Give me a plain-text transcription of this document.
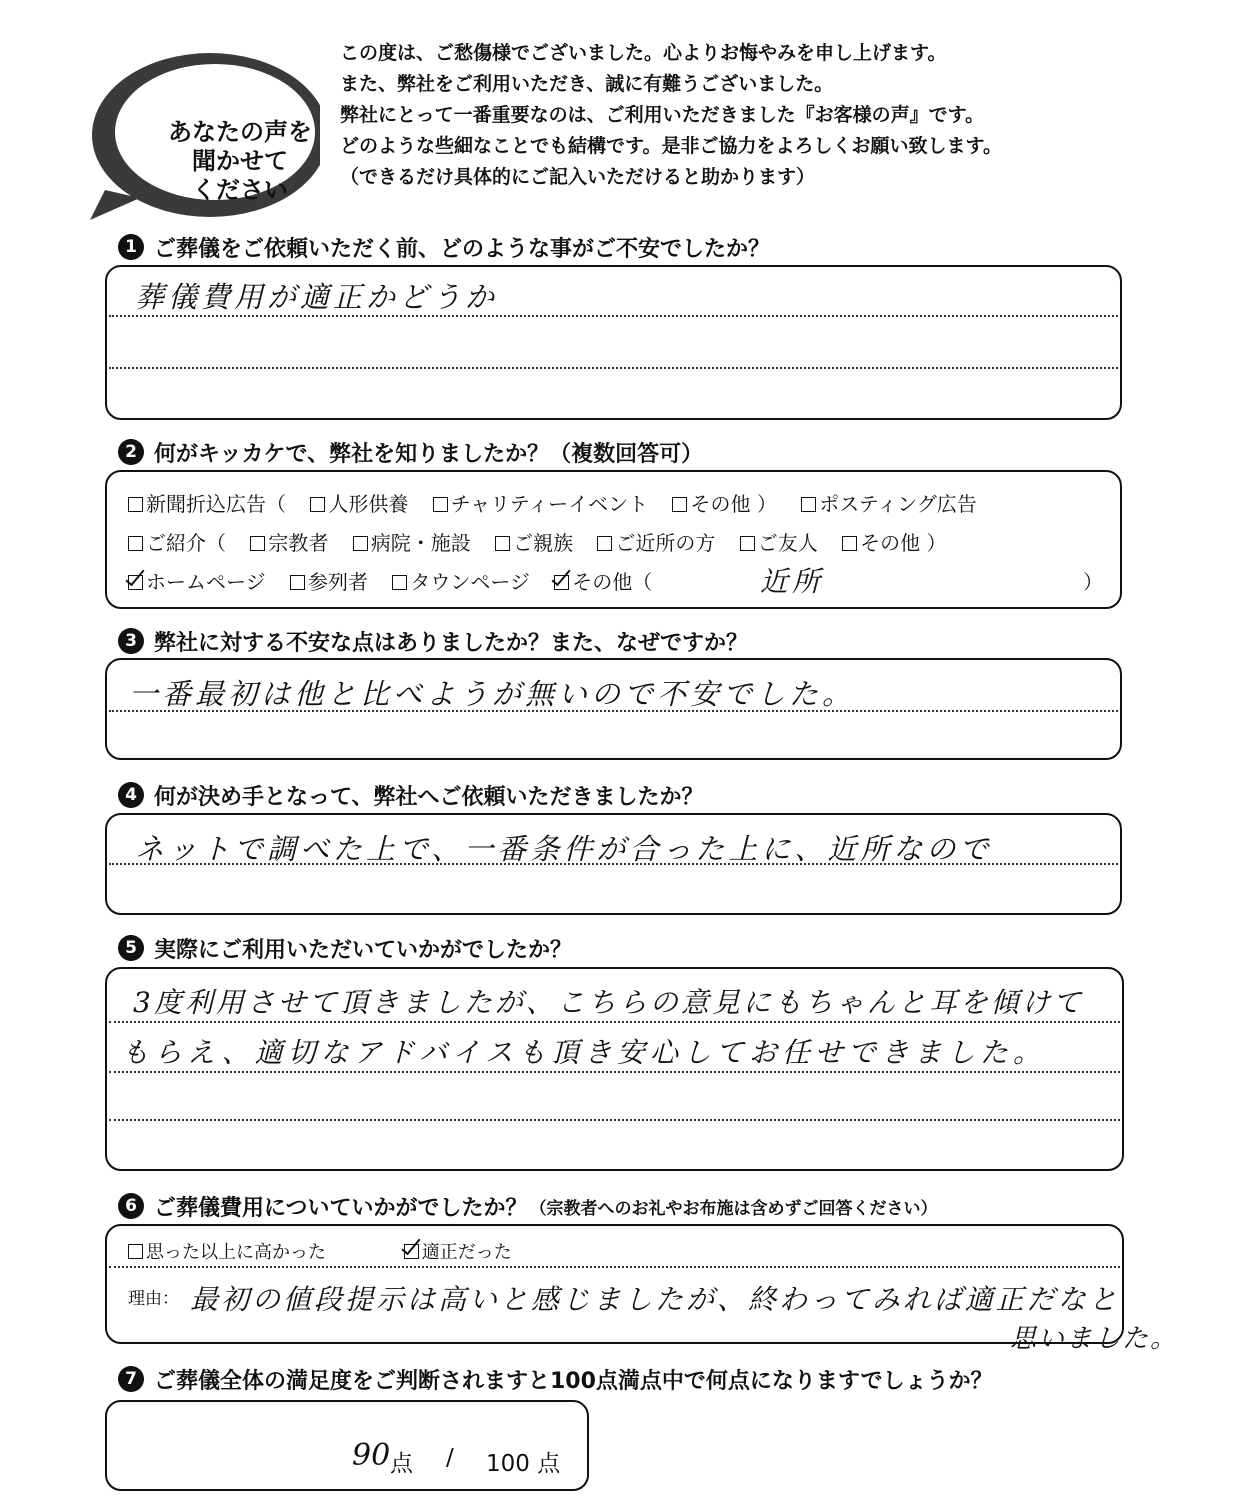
あなたの声を
聞かせて
ください
この度は、ご愁傷様でございました。心よりお悔やみを申し上げます。
また、弊社をご利用いただき、誠に有難うございました。
弊社にとって一番重要なのは、ご利用いただきました『お客様の声』です。
どのような些細なことでも結構です。是非ご協力をよろしくお願い致します。
（できるだけ具体的にご記入いただけると助かります）
1 ご葬儀をご依頼いただく前、どのような事がご不安でしたか？
葬儀費用が適正かどうか
2 何がキッカケで、弊社を知りましたか？（複数回答可）
新聞折込広告（ 人形供養 チャリティーイベント その他 ） ポスティング広告
ご紹介（ 宗教者 病院・施設 ご親族 ご近所の方 ご友人 その他 ）
ホームページ 参列者 タウンページ その他（	近所	）
3 弊社に対する不安な点はありましたか？また、なぜですか？
一番最初は他と比べようが無いので不安でした。
4 何が決め手となって、弊社へご依頼いただきましたか？
ネットで調べた上で、一番条件が合った上に、近所なので
5 実際にご利用いただいていかがでしたか？
3度利用させて頂きましたが、こちらの意見にもちゃんと耳を傾けて
もらえ、適切なアドバイスも頂き安心してお任せできました。
6 ご葬儀費用についていかがでしたか？ （宗教者へのお礼やお布施は含めずご回答ください）
思った以上に高かった	適正だった
理由： 最初の値段提示は高いと感じましたが、終わってみれば適正だなと
思いました。
7 ご葬儀全体の満足度をご判断されますと100点満点中で何点になりますでしょうか？
90 点 / 100 点
